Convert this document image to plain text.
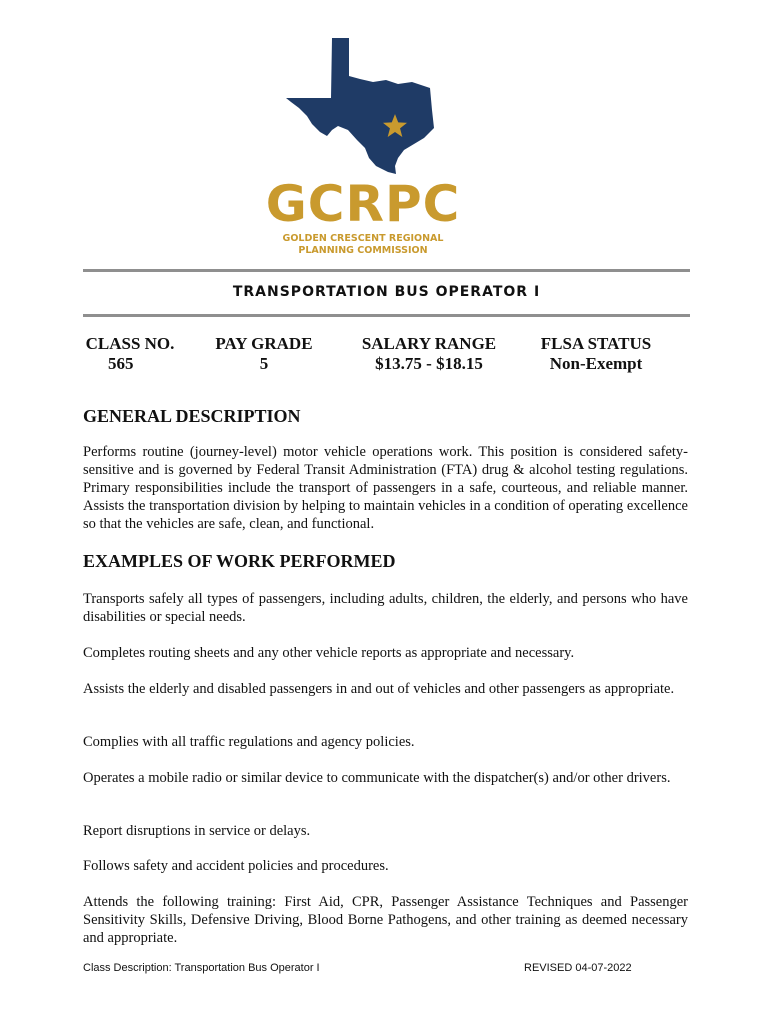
GCRPC
GOLDEN CRESCENT REGIONAL
PLANNING COMMISSION
TRANSPORTATION BUS OPERATOR I
CLASS NO.
565
PAY GRADE
5
SALARY RANGE
$13.75 - $18.15
FLSA STATUS
Non-Exempt
GENERAL DESCRIPTION
Performs routine (journey-level) motor vehicle operations work. This position is considered safety-sensitive and is governed by Federal Transit Administration (FTA) drug & alcohol testing regulations. Primary responsibilities include the transport of passengers in a safe, courteous, and reliable manner. Assists the transportation division by helping to maintain vehicles in a condition of operating excellence so that the vehicles are safe, clean, and functional.
EXAMPLES OF WORK PERFORMED
Transports safely all types of passengers, including adults, children, the elderly, and persons who have disabilities or special needs.
Completes routing sheets and any other vehicle reports as appropriate and necessary.
Assists the elderly and disabled passengers in and out of vehicles and other passengers as appropriate.
Complies with all traffic regulations and agency policies.
Operates a mobile radio or similar device to communicate with the dispatcher(s) and/or other drivers.
Report disruptions in service or delays.
Follows safety and accident policies and procedures.
Attends the following training: First Aid, CPR, Passenger Assistance Techniques and Passenger Sensitivity Skills, Defensive Driving, Blood Borne Pathogens, and other training as deemed necessary and appropriate.
Class Description: Transportation Bus Operator I	REVISED 04-07-2022
